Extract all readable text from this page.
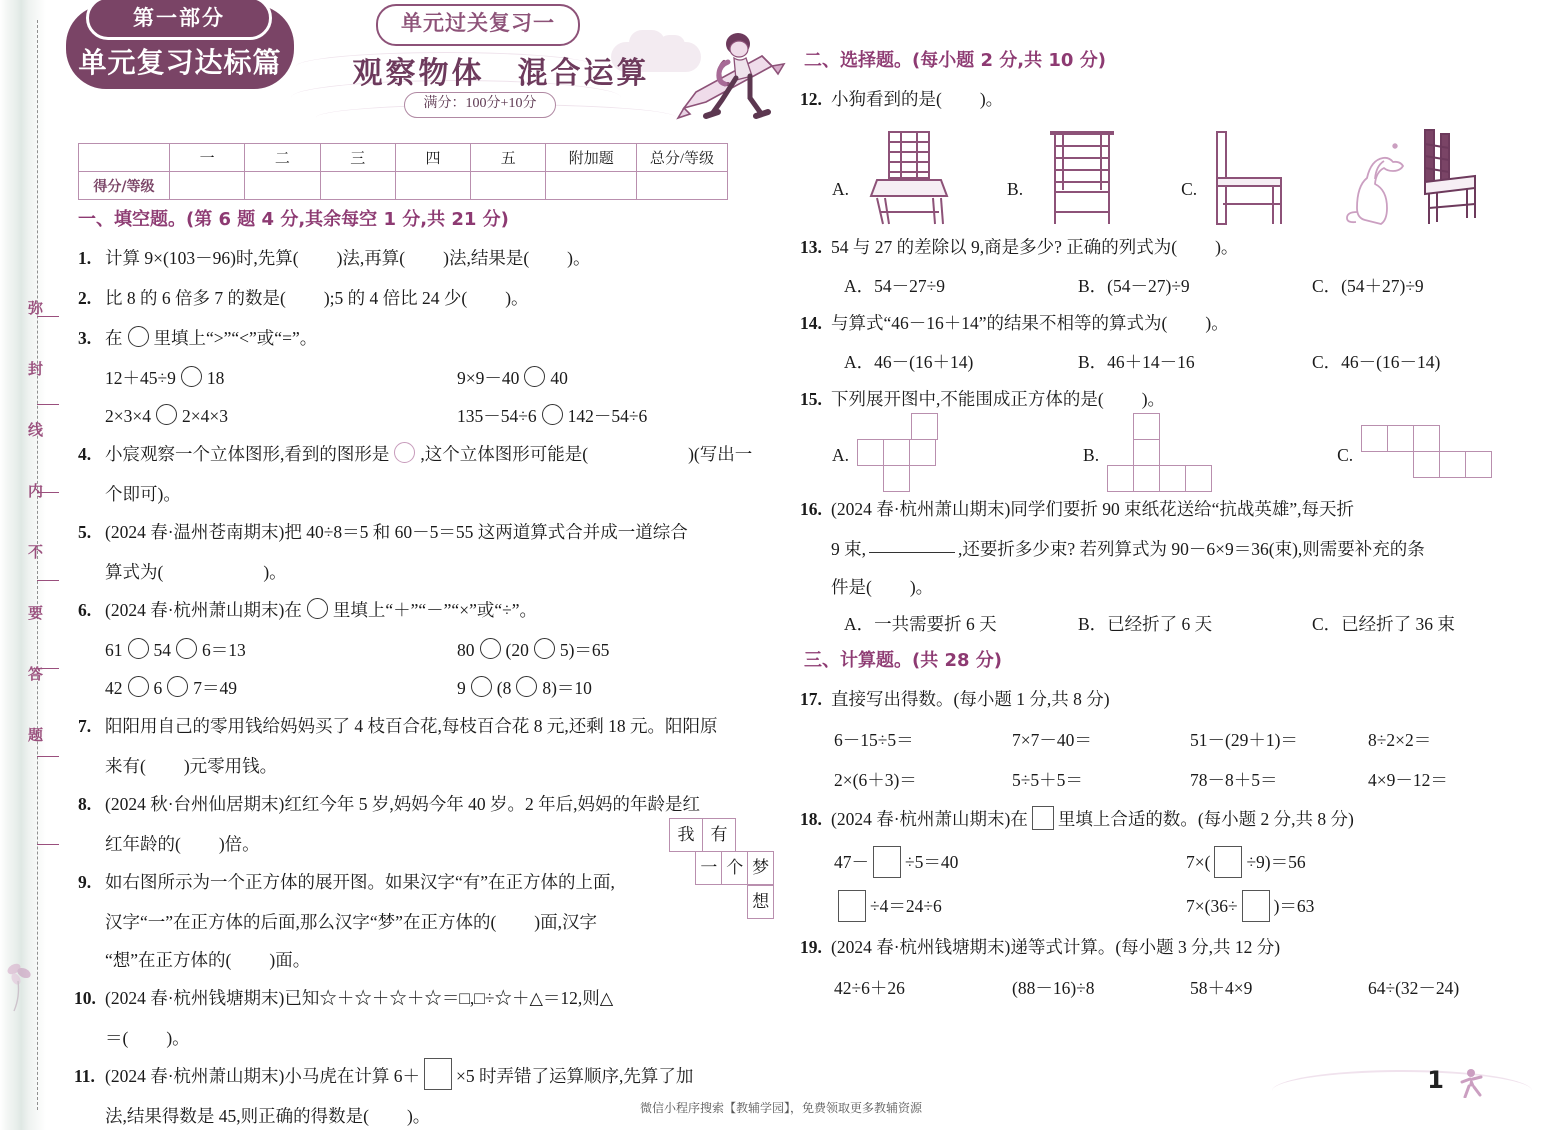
弥封线内不要答题
第一部分
单元复习达标篇
单元过关复习一
观察物体　混合运算
满分：100分+10分
	一	二	三	四	五	附加题	总分/等级
得分/等级							
一、填空题。(第 6 题 4 分,其余每空 1 分,共 21 分)
1. 计算 9×(103－96)时,先算( )法,再算( )法,结果是( )。
2. 比 8 的 6 倍多 7 的数是( );5 的 4 倍比 24 少( )。
3. 在 里填上“>”“<”或“=”。
12＋45÷9 18	9×9－40 40
2×3×4 2×4×3	135－54÷6 142－54÷6
4. 小宸观察一个立体图形,看到的图形是 ,这个立体图形可能是(	)(写出一
个即可)。
5. (2024 春·温州苍南期末)把 40÷8＝5 和 60－5＝55 这两道算式合并成一道综合
算式为(	)。
6. (2024 春·杭州萧山期末)在 里填上“＋”“－”“×”或“÷”。
61 54 6＝13	80 (20 5)＝65
42 6 7＝49	9 (8 8)＝10
7. 阳阳用自己的零用钱给妈妈买了 4 枝百合花,每枝百合花 8 元,还剩 18 元。阳阳原
来有( )元零用钱。
8. (2024 秋·台州仙居期末)红红今年 5 岁,妈妈今年 40 岁。2 年后,妈妈的年龄是红
红年龄的( )倍。
9. 如右图所示为一个正方体的展开图。如果汉字“有”在正方体的上面,
汉字“一”在正方体的后面,那么汉字“梦”在正方体的( )面,汉字
“想”在正方体的( )面。
10. (2024 春·杭州钱塘期末)已知☆＋☆＋☆＋☆＝□,□÷☆＋△＝12,则△
＝( )。
11. (2024 春·杭州萧山期末)小马虎在计算 6＋ ×5 时弄错了运算顺序,先算了加
法,结果得数是 45,则正确的得数是( )。
我 有
一 个 梦
想
二、选择题。(每小题 2 分,共 10 分)
12. 小狗看到的是( )。
A.	B.	C.
13. 54 与 27 的差除以 9,商是多少? 正确的列式为( )。
A．54－27÷9	B．(54－27)÷9	C．(54＋27)÷9
14. 与算式“46－16＋14”的结果不相等的算式为( )。
A．46－(16＋14)	B．46＋14－16	C．46－(16－14)
15. 下列展开图中,不能围成正方体的是( )。
A.	B.	C.
16. (2024 春·杭州萧山期末)同学们要折 90 束纸花送给“抗战英雄”,每天折
9 束,	,还要折多少束? 若列算式为 90－6×9＝36(束),则需要补充的条
件是( )。
A．一共需要折 6 天	B．已经折了 6 天	C．已经折了 36 束
三、计算题。(共 28 分)
17. 直接写出得数。(每小题 1 分,共 8 分)
6－15÷5＝	7×7－40＝	51－(29＋1)＝	8÷2×2＝
2×(6＋3)＝	5÷5＋5＝	78－8＋5＝	4×9－12＝
18. (2024 春·杭州萧山期末)在 里填上合适的数。(每小题 2 分,共 8 分)
47－ ÷5＝40	7×( ÷9)＝56
÷4＝24÷6	7×(36÷ )＝63
19. (2024 春·杭州钱塘期末)递等式计算。(每小题 3 分,共 12 分)
42÷6＋26	(88－16)÷8	58＋4×9	64÷(32－24)
1
微信小程序搜索【教辅学园】，免费领取更多教辅资源
